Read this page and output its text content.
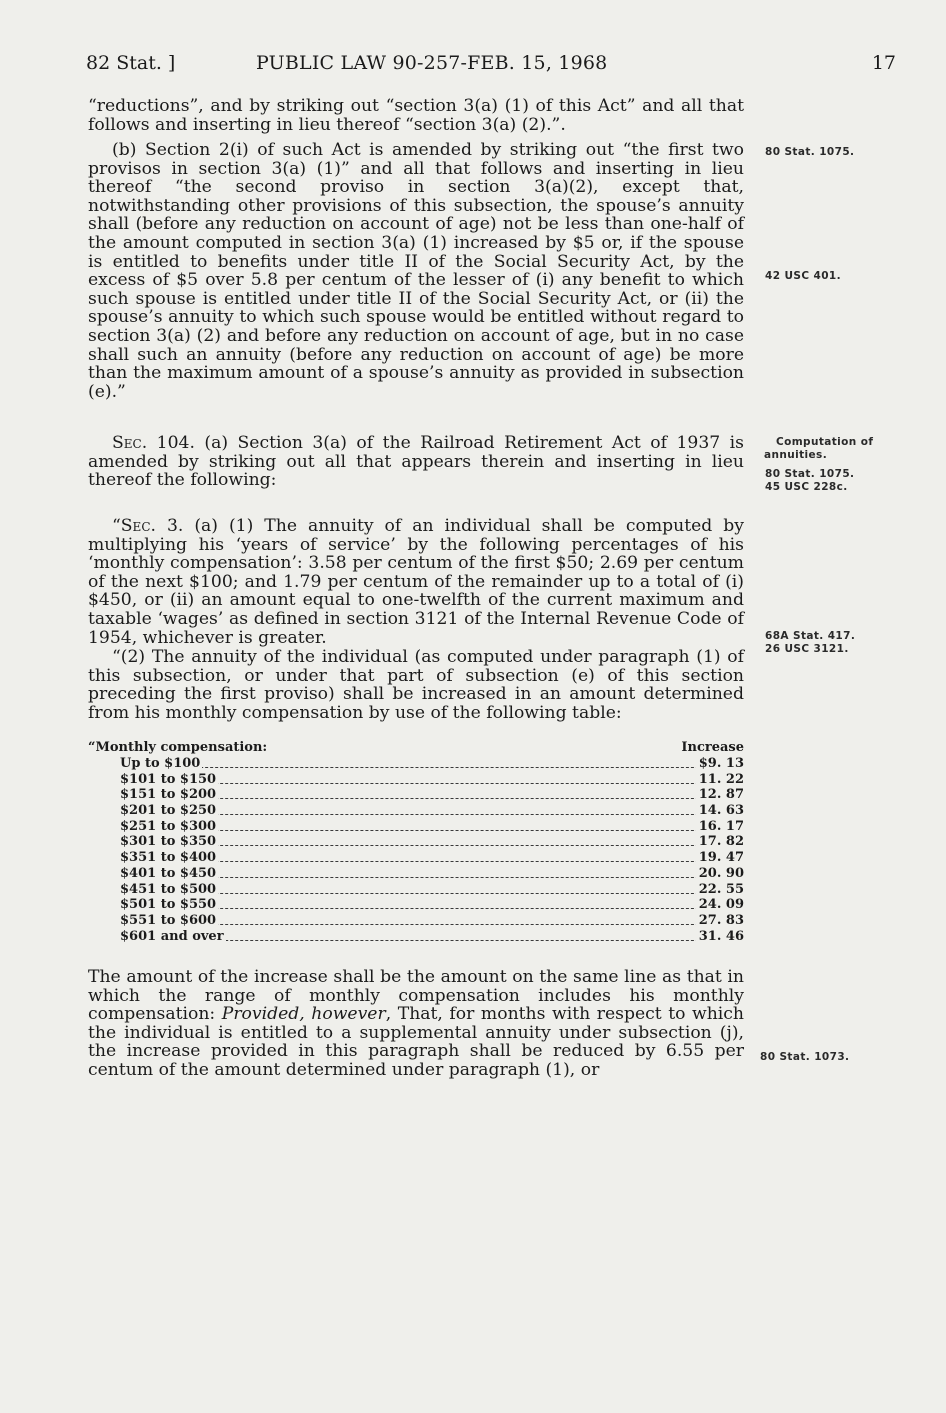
82 Stat. ]	PUBLIC LAW 90-257-FEB. 15, 1968	17

“reductions”, and by striking out “section 3(a) (1) of this Act” and all that follows and inserting in lieu thereof “section 3(a) (2).”.

(b) Section 2(i) of such Act is amended by striking out “the first two provisos in section 3(a) (1)” and all that follows and inserting in lieu thereof “the second proviso in section 3(a)(2), except that, notwithstanding other provisions of this subsection, the spouse’s annuity shall (before any reduction on account of age) not be less than one-half of the amount computed in section 3(a) (1) increased by $5 or, if the spouse is entitled to benefits under title II of the Social Security Act, by the excess of $5 over 5.8 per centum of the lesser of (i) any benefit to which such spouse is entitled under title II of the Social Security Act, or (ii) the spouse’s annuity to which such spouse would be entitled without regard to section 3(a) (2) and before any reduction on account of age, but in no case shall such an annuity (before any reduction on account of age) be more than the maximum amount of a spouse’s annuity as provided in subsection (e).”

Sec. 104. (a) Section 3(a) of the Railroad Retirement Act of 1937 is amended by striking out all that appears therein and inserting in lieu thereof the following:

“Sec. 3. (a) (1) The annuity of an individual shall be computed by multiplying his ‘years of service’ by the following percentages of his ‘monthly compensation’: 3.58 per centum of the first $50; 2.69 per centum of the next $100; and 1.79 per centum of the remainder up to a total of (i) $450, or (ii) an amount equal to one-twelfth of the current maximum and taxable ‘wages’ as defined in section 3121 of the Internal Revenue Code of 1954, whichever is greater.

“(2) The annuity of the individual (as computed under paragraph (1) of this subsection, or under that part of subsection (e) of this section preceding the first proviso) shall be increased in an amount determined from his monthly compensation by use of the following table:

“Monthly compensation:	Increase
Up to $100	$9. 13
$101 to $150	11. 22
$151 to $200	12. 87
$201 to $250	14. 63
$251 to $300	16. 17
$301 to $350	17. 82
$351 to $400	19. 47
$401 to $450	20. 90
$451 to $500	22. 55
$501 to $550	24. 09
$551 to $600	27. 83
$601 and over	31. 46

The amount of the increase shall be the amount on the same line as that in which the range of monthly compensation includes his monthly compensation: Provided, however, That, for months with respect to which the individual is entitled to a supplemental annuity under subsection (j), the increase provided in this paragraph shall be reduced by 6.55 per centum of the amount determined under paragraph (1), or

80 Stat. 1075.
42 USC 401.
Computation of
annuities.
80 Stat. 1075.
45 USC 228c.
68A Stat. 417.
26 USC 3121.
80 Stat. 1073.
